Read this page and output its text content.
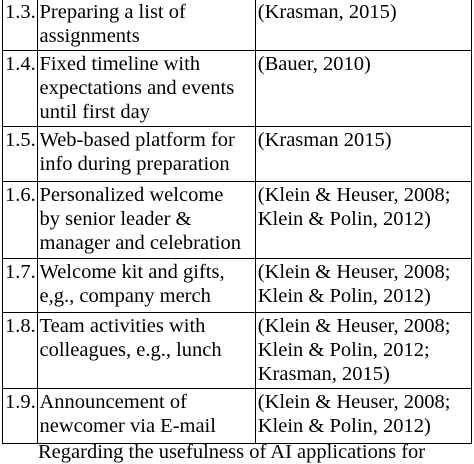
1.3.	Preparing a list of
assignments	(Krasman, 2015)
1.4.	Fixed timeline with
expectations and events
until first day	(Bauer, 2010)
1.5.	Web-based platform for
info during preparation	(Krasman 2015)
1.6.	Personalized welcome
by senior leader &
manager and celebration	(Klein & Heuser, 2008;
Klein & Polin, 2012)
1.7.	Welcome kit and gifts,
e,g., company merch	(Klein & Heuser, 2008;
Klein & Polin, 2012)
1.8.	Team activities with
colleagues, e.g., lunch	(Klein & Heuser, 2008;
Klein & Polin, 2012;
Krasman, 2015)
1.9.	Announcement of
newcomer via E-mail	(Klein & Heuser, 2008;
Klein & Polin, 2012)
Regarding the usefulness of AI applications for
